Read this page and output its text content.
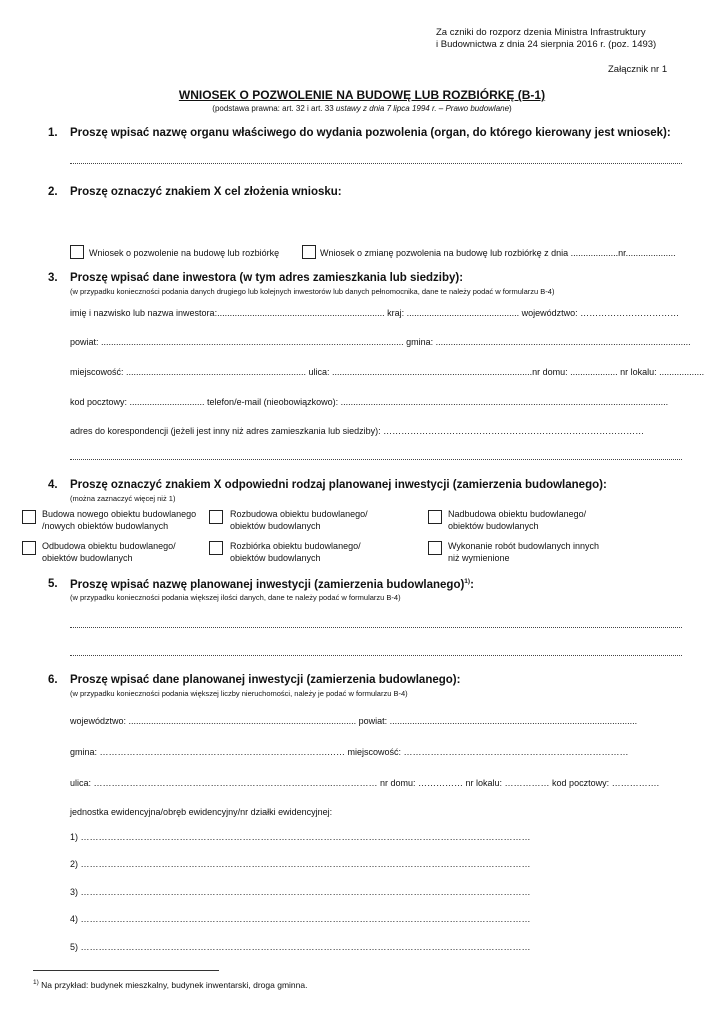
Za czniki do rozporz dzenia Ministra Infrastruktury
i Budownictwa z dnia 24 sierpnia 2016 r. (poz. 1493)
Załącznik nr 1
WNIOSEK O POZWOLENIE NA BUDOWĘ LUB ROZBIÓRKĘ (B-1)
(podstawa prawna: art. 32 i art. 33 ustawy z dnia 7 lipca 1994 r. – Prawo budowlane)
1. Proszę wpisać nazwę organu właściwego do wydania pozwolenia (organ, do którego kierowany jest wniosek):
2. Proszę oznaczyć znakiem X cel złożenia wniosku:
Wniosek o pozwolenie na budowę lub rozbiórkę	Wniosek o zmianę pozwolenia na budowę lub rozbiórkę z dnia ...................nr....................
3. Proszę wpisać dane inwestora (w tym adres zamieszkania lub siedziby):
(w przypadku konieczności podania danych drugiego lub kolejnych inwestorów lub danych pełnomocnika, dane te należy podać w formularzu B-4)
imię i nazwisko lub nazwa inwestora:................................................................... kraj: ............................................. województwo: ……………………………
powiat: ......................................................................................................................... gmina: ......................................................................................................
miejscowość: ........................................................................ ulica: ................................................................................nr domu: ................... nr lokalu: ..................
kod pocztowy: .............................. telefon/e-mail (nieobowiązkowo): ...................................................................................................................................
adres do korespondencji (jeżeli jest inny niż adres zamieszkania lub siedziby): ……………………………………………………………………………
4. Proszę oznaczyć znakiem X odpowiedni rodzaj planowanej inwestycji (zamierzenia budowlanego):
(można zaznaczyć więcej niż 1)
Budowa nowego obiektu budowlanego
/nowych obiektów budowlanych
Rozbudowa obiektu budowlanego/
obiektów budowlanych
Nadbudowa obiektu budowlanego/
obiektów budowlanych
Odbudowa obiektu budowlanego/
obiektów budowlanych
Rozbiórka obiektu budowlanego/
obiektów budowlanych
Wykonanie robót budowlanych innych
niż wymienione
5. Proszę wpisać nazwę planowanej inwestycji (zamierzenia budowlanego)$^{1)}$:
(w przypadku konieczności podania większej ilości danych, dane te należy podać w formularzu B-4)
6. Proszę wpisać dane planowanej inwestycji (zamierzenia budowlanego):
(w przypadku konieczności podania większej liczby nieruchomości, należy je podać w formularzu B-4)
województwo: ........................................................................................... powiat: ...................................................................................................
gmina: ………………………………………………………………….…… miejscowość: …………………………………………………………………
ulica: ……………………………………………………………………..…………… nr domu: …………… nr lokalu: …………… kod pocztowy: …………….
jednostka ewidencyjna/obręb ewidencyjny/nr działki ewidencyjnej:
1) ……………………………………………………………………………………………………………………………………
2) ……………………………………………………………………………………………………………………………………
3) ……………………………………………………………………………………………………………………………………
4) ……………………………………………………………………………………………………………………………………
5) ……………………………………………………………………………………………………………………………………
$^{1)}$ Na przykład: budynek mieszkalny, budynek inwentarski, droga gminna.
